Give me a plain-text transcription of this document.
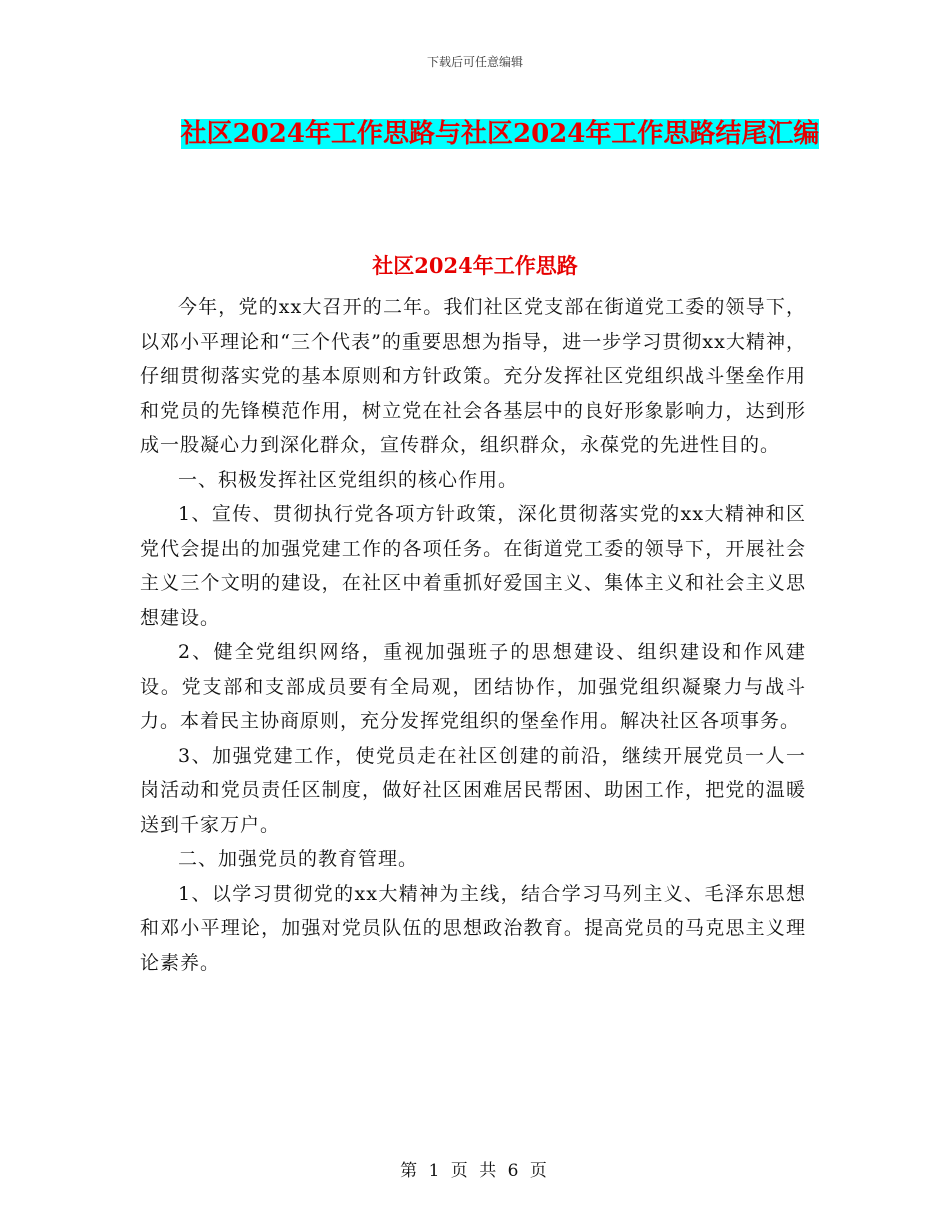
下载后可任意编辑
社区2024年工作思路与社区2024年工作思路结尾汇编
社区2024年工作思路

今年，党的xx大召开的二年。我们社区党支部在街道党工委的领导下，以邓小平理论和“三个代表”的重要思想为指导，进一步学习贯彻xx大精神，仔细贯彻落实党的基本原则和方针政策。充分发挥社区党组织战斗堡垒作用和党员的先锋模范作用，树立党在社会各基层中的良好形象影响力，达到形成一股凝心力到深化群众，宣传群众，组织群众，永葆党的先进性目的。

一、积极发挥社区党组织的核心作用。

1、宣传、贯彻执行党各项方针政策，深化贯彻落实党的xx大精神和区党代会提出的加强党建工作的各项任务。在街道党工委的领导下，开展社会主义三个文明的建设，在社区中着重抓好爱国主义、集体主义和社会主义思想建设。

2、健全党组织网络，重视加强班子的思想建设、组织建设和作风建设。党支部和支部成员要有全局观，团结协作，加强党组织凝聚力与战斗力。本着民主协商原则，充分发挥党组织的堡垒作用。解决社区各项事务。

3、加强党建工作，使党员走在社区创建的前沿，继续开展党员一人一岗活动和党员责任区制度，做好社区困难居民帮困、助困工作，把党的温暖送到千家万户。

二、加强党员的教育管理。

1、以学习贯彻党的xx大精神为主线，结合学习马列主义、毛泽东思想和邓小平理论，加强对党员队伍的思想政治教育。提高党员的马克思主义理论素养。

第 1 页 共 6 页
